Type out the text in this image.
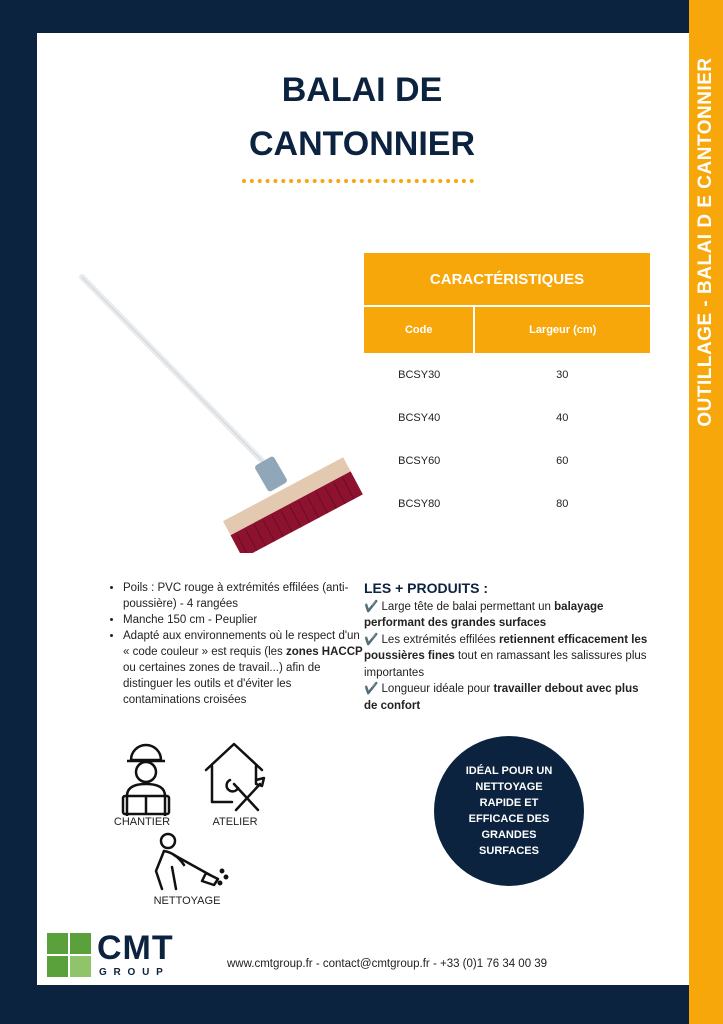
OUTILLAGE - BALAI D E CANTONNIER
BALAI DE
CANTONNIER
CARACTÉRISTIQUES	
Code	Largeur (cm)
BCSY30	30
BCSY40	40
BCSY60	60
BCSY80	80
• Poils : PVC rouge à extrémités effilées (anti-poussière) - 4 rangées
• Manche 150 cm - Peuplier
• Adapté aux environnements où le respect d'un « code couleur » est requis (les zones HACCP ou certaines zones de travail...) afin de distinguer les outils et d'éviter les contaminations croisées
LES + PRODUITS :

✔️ Large tête de balai permettant un balayage performant des grandes surfaces

✔️ Les extrémités effilées retiennent efficacement les poussières fines tout en ramassant les salissures plus importantes

✔️ Longueur idéale pour travailler debout avec plus de confort

IDÉAL POUR UN NETTOYAGE RAPIDE ET EFFICACE DES GRANDES SURFACES
CHANTIER	ATELIER
NETTOYAGE
CMT
G R O U P
www.cmtgroup.fr - contact@cmtgroup.fr - +33 (0)1 76 34 00 39
